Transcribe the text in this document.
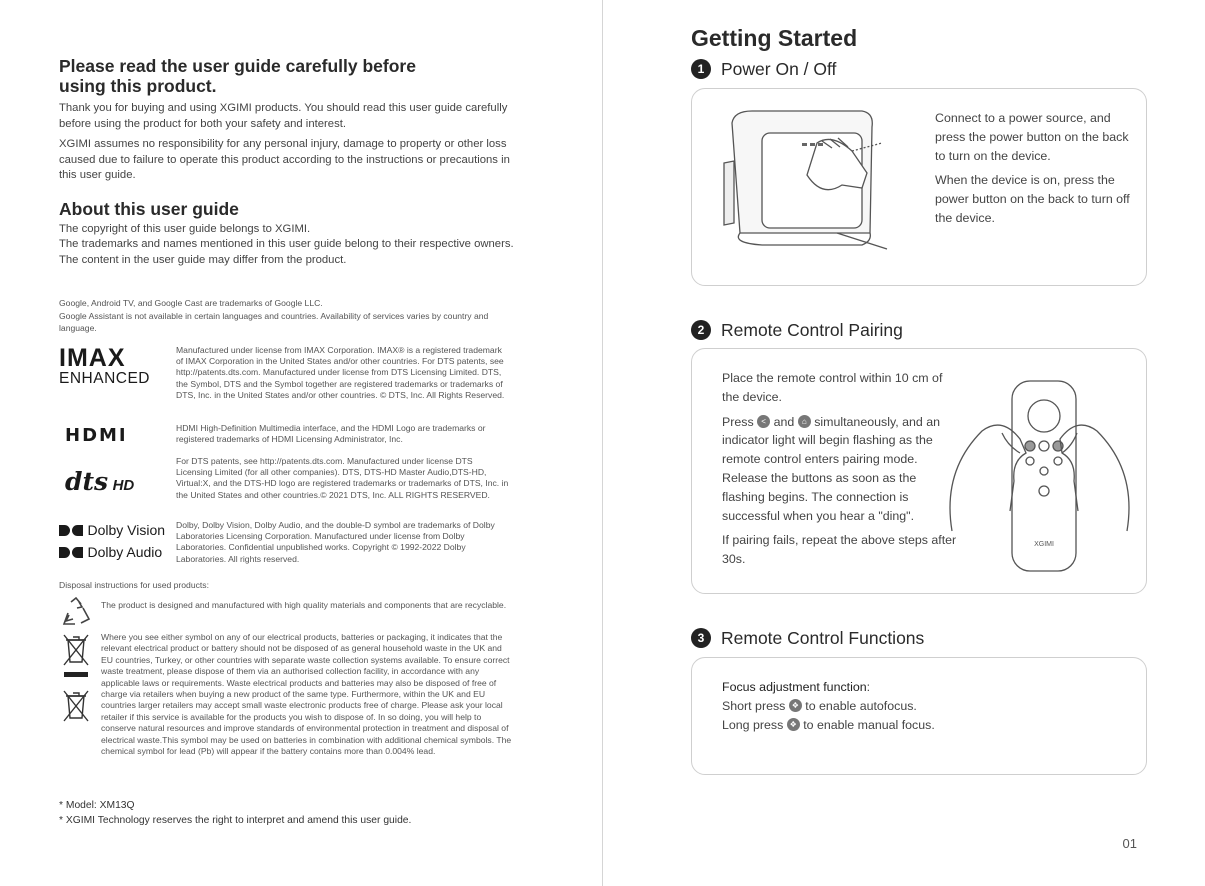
Please read the user guide carefully before using this product.
Thank you for buying and using XGIMI products. You should read this user guide carefully before using the product for both your safety and interest.
XGIMI assumes no responsibility for any personal injury, damage to property or other loss caused due to failure to operate this product according to the instructions or precautions in this user guide.
About this user guide
The copyright of this user guide belongs to XGIMI.
The trademarks and names mentioned in this user guide belong to their respective owners. The content in the user guide may differ from the product.
Google, Android TV, and Google Cast are trademarks of Google LLC.
Google Assistant is not available in certain languages and countries. Availability of services varies by country and language.
IMAX
ENHANCED
Manufactured under license from IMAX Corporation. IMAX® is a registered trademark of IMAX Corporation in the United States and/or other countries. For DTS patents, see http://patents.dts.com. Manufactured under license from DTS Licensing Limited. DTS, the Symbol, DTS and the Symbol together are registered trademarks or trademarks of DTS, Inc. in the United States and/or other countries. © DTS, Inc. All Rights Reserved.
HDMI	HDMI High-Definition Multimedia interface, and the HDMI Logo are trademarks or registered trademarks of HDMI Licensing Administrator, Inc.
dts HD
For DTS patents, see http://patents.dts.com. Manufactured under license DTS Licensing Limited (for all other companies). DTS, DTS-HD Master Audio,DTS-HD, Virtual:X, and the DTS-HD logo are registered trademarks or trademarks of DTS, Inc. in the United States and other countries.© 2021 DTS, Inc. ALL RIGHTS RESERVED.
Dolby Vision
Dolby Audio
Dolby, Dolby Vision, Dolby Audio, and the double-D symbol are trademarks of Dolby Laboratories Licensing Corporation. Manufactured under license from Dolby Laboratories. Confidential unpublished works. Copyright © 1992-2022 Dolby Laboratories. All rights reserved.
Disposal instructions for used products:
The product is designed and manufactured with high quality materials and components that are recyclable.
Where you see either symbol on any of our electrical products, batteries or packaging, it indicates that the relevant electrical product or battery should not be disposed of as general household waste in the UK and EU countries, Turkey, or other countries with separate waste collection systems available. To ensure correct waste treatment, please dispose of them via an authorised collection facility, in accordance with any applicable laws or requirements. Waste electrical products and batteries may also be disposed of free of charge via retailers when buying a new product of the same type. Furthermore, within the UK and EU countries larger retailers may accept small waste electronic products free of charge. Please ask your local retailer if this service is available for the products you wish to dispose of. In so doing, you will help to conserve natural resources and improve standards of environmental protection in treatment and disposal of electrical waste.This symbol may be used on batteries in combination with additional chemical symbols. The chemical symbol for lead (Pb) will appear if the battery contains more than 0.004% lead.
* Model: XM13Q
* XGIMI Technology reserves the right to interpret and amend this user guide.
Getting Started
1 Power On / Off

Connect to a power source, and press the power button on the back to turn on the device.

When the device is on, press the power button on the back to turn off the device.

2 Remote Control Pairing

Place the remote control within 10 cm of the device.

Press < and ⌂ simultaneously, and an indicator light will begin flashing as the remote control enters pairing mode. Release the buttons as soon as the flashing begins. The connection is successful when you hear a "ding".

If pairing fails, repeat the above steps after 30s.

XGIMI
3 Remote Control Functions
Focus adjustment function:
Short press ❖ to enable autofocus.
Long press ❖ to enable manual focus.
01
